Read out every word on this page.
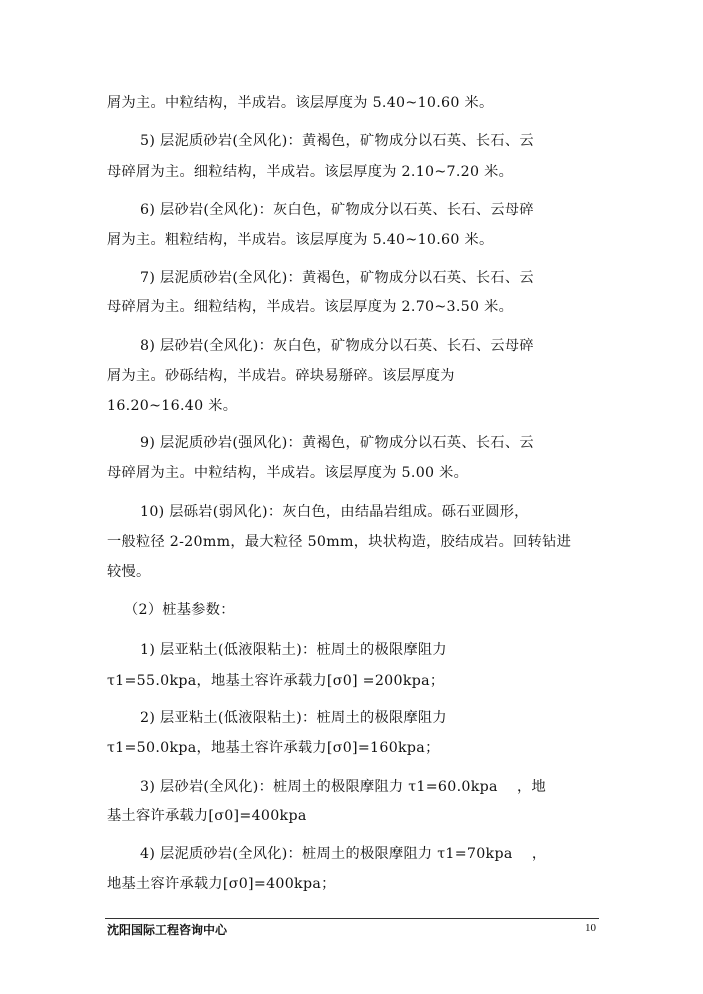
屑为主。中粒结构，半成岩。该层厚度为 5.40~10.60 米。
5) 层泥质砂岩(全风化)：黄褐色，矿物成分以石英、长石、云
母碎屑为主。细粒结构，半成岩。该层厚度为 2.10~7.20 米。
6) 层砂岩(全风化)：灰白色，矿物成分以石英、长石、云母碎
屑为主。粗粒结构，半成岩。该层厚度为 5.40~10.60 米。
7) 层泥质砂岩(全风化)：黄褐色，矿物成分以石英、长石、云
母碎屑为主。细粒结构，半成岩。该层厚度为 2.70~3.50 米。
8) 层砂岩(全风化)：灰白色，矿物成分以石英、长石、云母碎
屑为主。砂砾结构，半成岩。碎块易掰碎。该层厚度为
16.20~16.40 米。
9) 层泥质砂岩(强风化)：黄褐色，矿物成分以石英、长石、云
母碎屑为主。中粒结构，半成岩。该层厚度为 5.00 米。
10) 层砾岩(弱风化)：灰白色，由结晶岩组成。砾石亚圆形，
一般粒径 2-20mm，最大粒径 50mm，块状构造，胶结成岩。回转钻进
较慢。
（2）桩基参数：
1) 层亚粘土(低液限粘土)：桩周土的极限摩阻力
τ1=55.0kpa，地基土容许承载力[σ0] =200kpa；
2) 层亚粘土(低液限粘土)：桩周土的极限摩阻力
τ1=50.0kpa，地基土容许承载力[σ0]=160kpa；
3) 层砂岩(全风化)：桩周土的极限摩阻力 τ1=60.0kpa　 ，地
基土容许承载力[σ0]=400kpa
4) 层泥质砂岩(全风化)：桩周土的极限摩阻力 τ1=70kpa　 ，
地基土容许承载力[σ0]=400kpa；
沈阳国际工程咨询中心	10
